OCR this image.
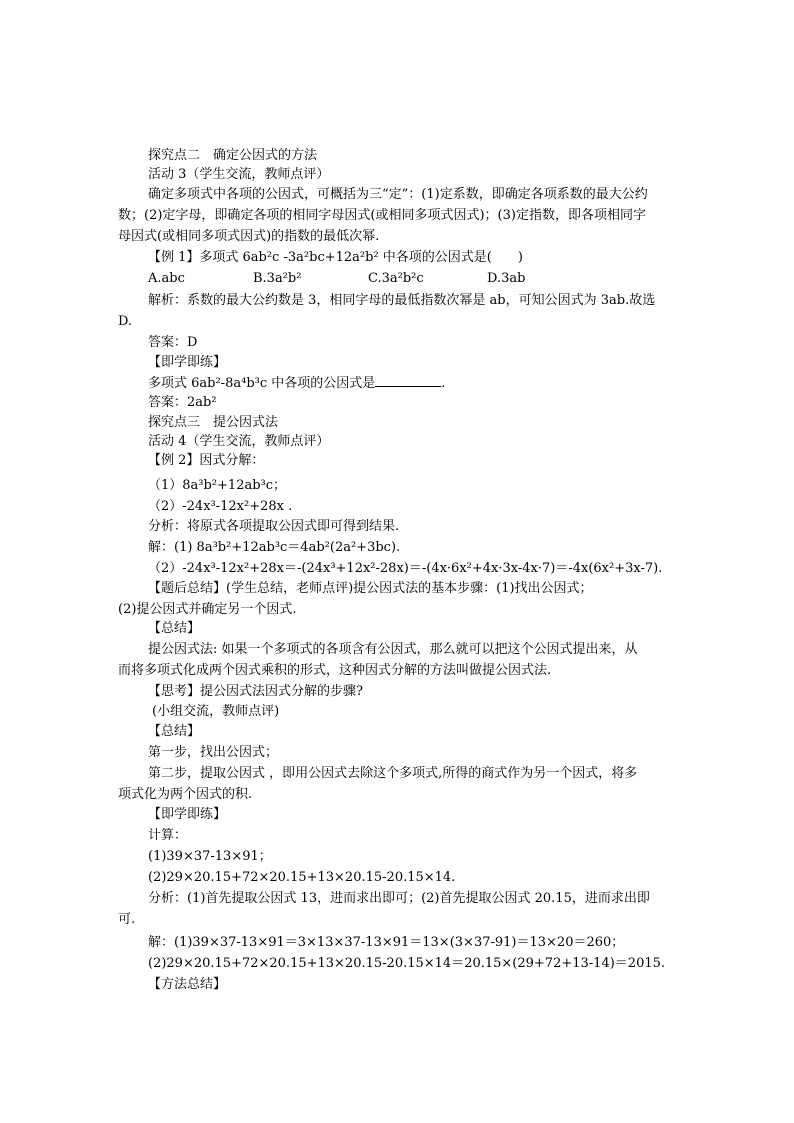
探究点二　确定公因式的方法
活动 3（学生交流，教师点评）
确定多项式中各项的公因式，可概括为三“定”：(1)定系数，即确定各项系数的最大公约
数；(2)定字母，即确定各项的相同字母因式(或相同多项式因式)；(3)定指数，即各项相同字
母因式(或相同多项式因式)的指数的最低次幂.
【例 1】多项式 6ab²c -3a²bc+12a²b² 中各项的公因式是(　　)
A.abc	B.3a²b²	C.3a²b²c	D.3ab
解析：系数的最大公约数是 3，相同字母的最低指数次幂是 ab，可知公因式为 3ab.故选
D.
答案：D
【即学即练】
多项式 6ab²-8a⁴b³c 中各项的公因式是	.
答案：2ab²
探究点三　提公因式法
活动 4（学生交流，教师点评）
【例 2】因式分解：
（1）8a³b²+12ab³c；
（2）-24x³-12x²+28x .
分析：将原式各项提取公因式即可得到结果.
解：(1) 8a³b²+12ab³c＝4ab²(2a²+3bc).
（2）-24x³-12x²+28x＝-(24x³+12x²-28x)＝-(4x·6x²+4x·3x-4x·7)＝-4x(6x²+3x-7).
【题后总结】(学生总结，老师点评)提公因式法的基本步骤：(1)找出公因式；
(2)提公因式并确定另一个因式.
【总结】
提公因式法: 如果一个多项式的各项含有公因式，那么就可以把这个公因式提出来，从
而将多项式化成两个因式乘积的形式，这种因式分解的方法叫做提公因式法.
【思考】提公因式法因式分解的步骤?
(小组交流，教师点评)
【总结】
第一步，找出公因式；
第二步，提取公因式 ，即用公因式去除这个多项式,所得的商式作为另一个因式，将多
项式化为两个因式的积.
【即学即练】
计算：
(1)39×37-13×91；
(2)29×20.15+72×20.15+13×20.15-20.15×14.
分析：(1)首先提取公因式 13，进而求出即可；(2)首先提取公因式 20.15，进而求出即
可.
解：(1)39×37-13×91＝3×13×37-13×91＝13×(3×37-91)＝13×20＝260；
(2)29×20.15+72×20.15+13×20.15-20.15×14＝20.15×(29+72+13-14)＝2015.
【方法总结】
